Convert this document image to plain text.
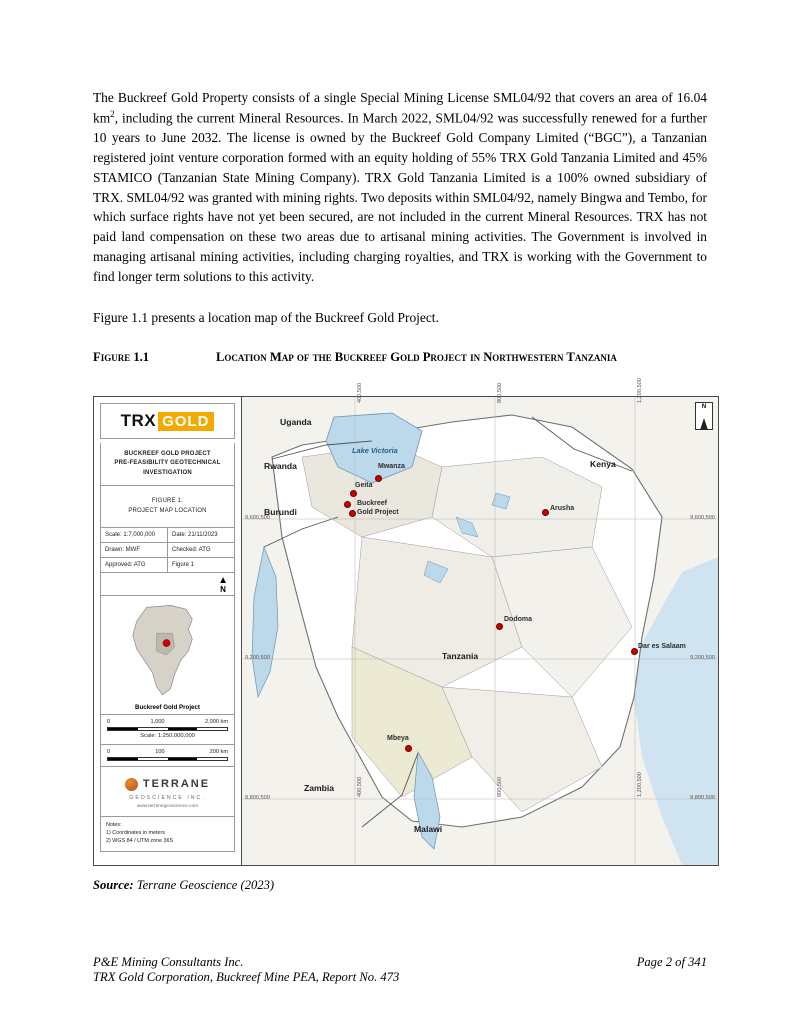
The Buckreef Gold Property consists of a single Special Mining License SML04/92 that covers an area of 16.04 $km^2$, including the current Mineral Resources. In March 2022, SML04/92 was successfully renewed for a further 10 years to June 2032. The license is owned by the Buckreef Gold Company Limited (“BGC”), a Tanzanian registered joint venture corporation formed with an equity holding of 55% TRX Gold Tanzania Limited and 45% STAMICO (Tanzanian State Mining Company). TRX Gold Tanzania Limited is a 100% owned subsidiary of TRX. SML04/92 was granted with mining rights. Two deposits within SML04/92, namely Bingwa and Tembo, for which surface rights have not yet been secured, are not included in the current Mineral Resources. TRX has not paid land compensation on these two areas due to artisanal mining activities. The Government is involved in managing artisanal mining activities, including charging royalties, and TRX is working with the Government to find longer term solutions to this activity.

Figure 1.1 presents a location map of the Buckreef Gold Project.
Figure 1.1	Location Map of the Buckreef Gold Project in Northwestern Tanzania
TRX GOLD
BUCKREEF GOLD PROJECT
PRE-FEASIBILITY GEOTECHNICAL
INVESTIGATION
FIGURE 1:
PROJECT MAP LOCATION
Scale: 1:7,000,000	Date: 21/11/2023
Drawn: MWF	Checked: ATG
Approved: ATG	Figure 1
▲
N
Buckreef Gold Project
0	1,000	2,000 km
Scale: 1:250,000,000
0	100	200 km
TERRANE
GEOSCIENCE INC.
www.terranegeoscience.com
Notes:
1) Coordinates in meters
2) WGS 84 / UTM zone 36S
400,500	800,500	1,200,500
400,500	800,500	1,200,500
9,600,500
9,200,500
8,800,500
9,600,500
9,200,500
8,800,500
Uganda
Rwanda
Burundi
Kenya
Tanzania
Zambia
Malawi
Lake Victoria
Mwanza
Geita
Arusha
Dodoma
Dar es Salaam
Mbeya
Buckreef
Gold Project
N
Source: Terrane Geoscience (2023)
P&E Mining Consultants Inc.	Page 2 of 341
TRX Gold Corporation, Buckreef Mine PEA, Report No. 473
